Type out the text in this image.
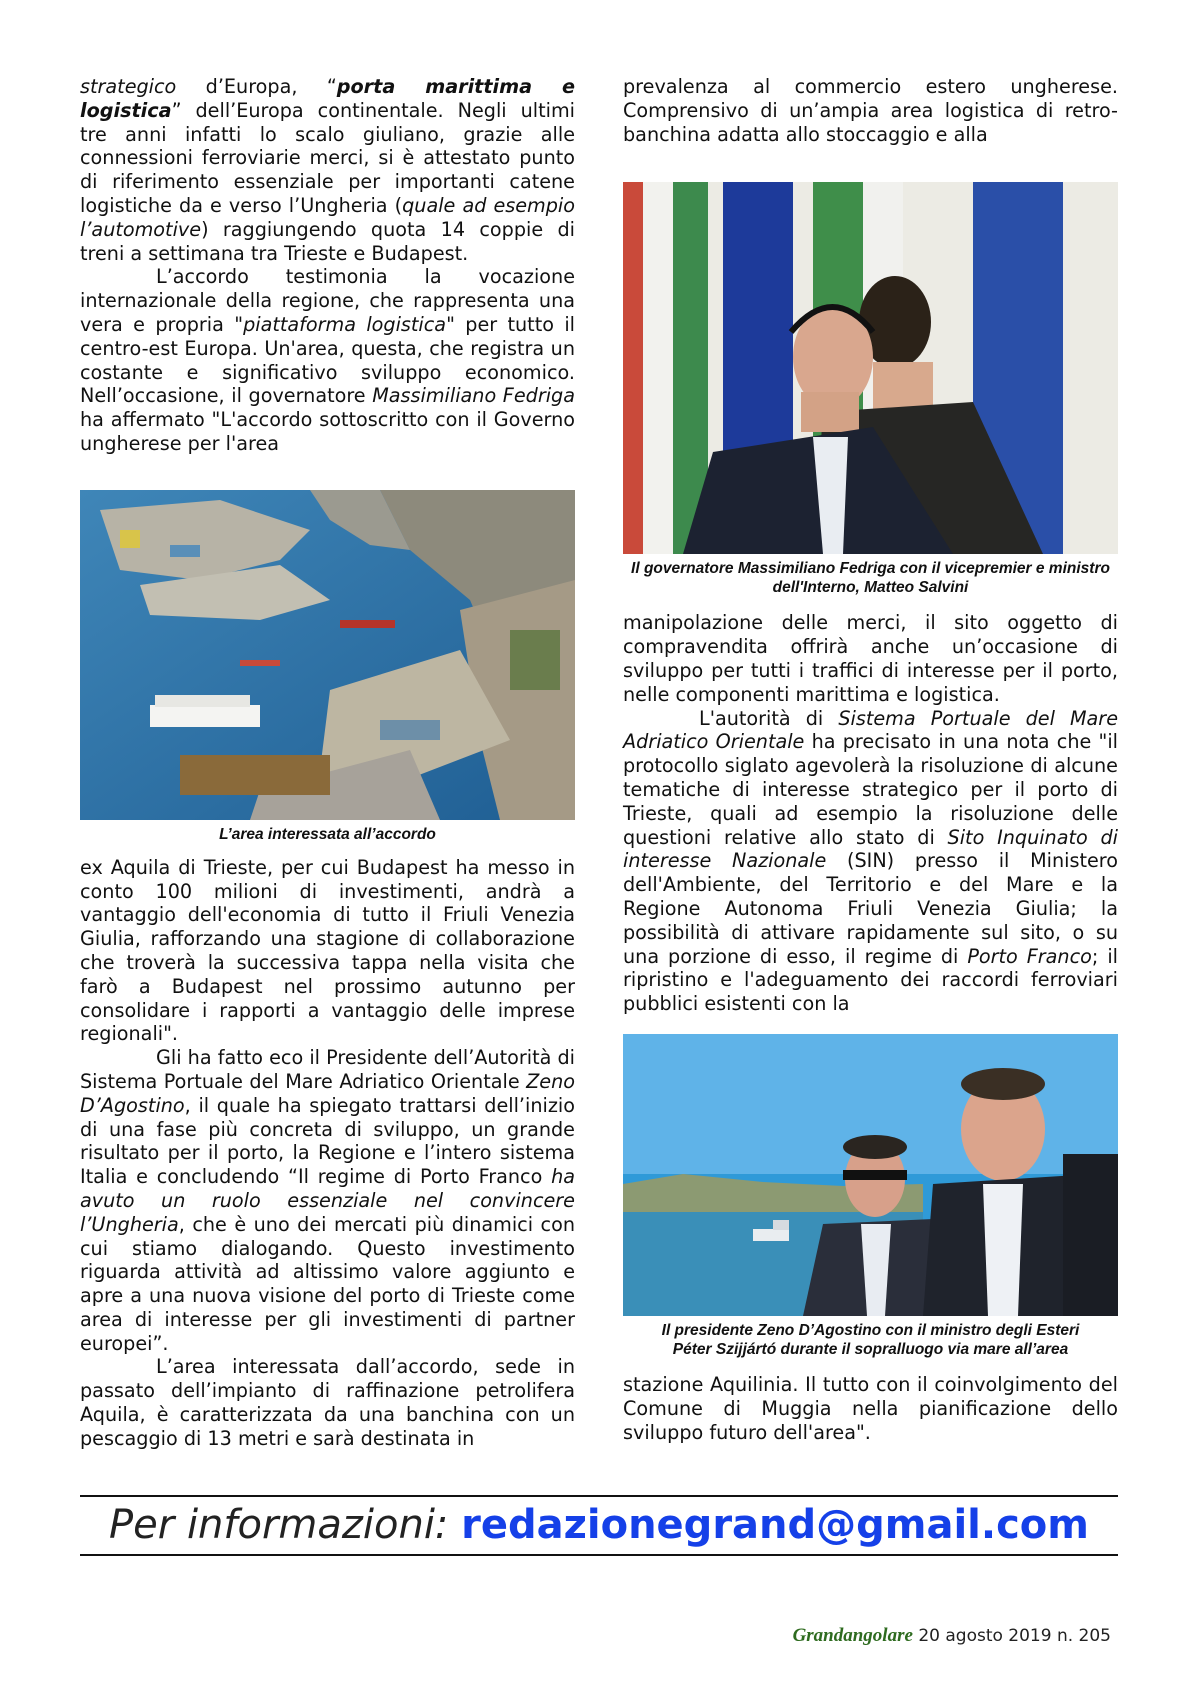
strategico d’Europa, “porta marittima e logistica” dell’Europa continentale. Negli ultimi tre anni infatti lo scalo giuliano, grazie alle connessioni ferroviarie merci, si è attestato punto di riferimento essenziale per importanti catene logistiche da e verso l’Ungheria (quale ad esempio l’automotive) raggiungendo quota 14 coppie di treni a settimana tra Trieste e Budapest.

L’accordo testimonia la vocazione internazionale della regione, che rappresenta una vera e propria "piattaforma logistica" per tutto il centro-est Europa. Un'area, questa, che registra un costante e significativo sviluppo economico. Nell’occasione, il governatore Massimiliano Fedriga ha affermato "L'accordo sottoscritto con il Governo ungherese per l'area

L’area interessata all’accordo

ex Aquila di Trieste, per cui Budapest ha messo in conto 100 milioni di investimenti, andrà a vantaggio dell'economia di tutto il Friuli Venezia Giulia, rafforzando una stagione di collaborazione che troverà la successiva tappa nella visita che farò a Budapest nel prossimo autunno per consolidare i rapporti a vantaggio delle imprese regionali".

Gli ha fatto eco il Presidente dell’Autorità di Sistema Portuale del Mare Adriatico Orientale Zeno D’Agostino, il quale ha spiegato trattarsi dell’inizio di una fase più concreta di sviluppo, un grande risultato per il porto, la Regione e l’intero sistema Italia e concludendo “Il regime di Porto Franco ha avuto un ruolo essenziale nel convincere l’Ungheria, che è uno dei mercati più dinamici con cui stiamo dialogando. Questo investimento riguarda attività ad altissimo valore aggiunto e apre a una nuova visione del porto di Trieste come area di interesse per gli investimenti di partner europei”.

L’area interessata dall’accordo, sede in passato dell’impianto di raffinazione petrolifera Aquila, è caratterizzata da una banchina con un pescaggio di 13 metri e sarà destinata in

prevalenza al commercio estero ungherese. Comprensivo di un’ampia area logistica di retro-banchina adatta allo stoccaggio e alla

Il governatore Massimiliano Fedriga con il vicepremier e ministro dell'Interno, Matteo Salvini

manipolazione delle merci, il sito oggetto di compravendita offrirà anche un’occasione di sviluppo per tutti i traffici di interesse per il porto, nelle componenti marittima e logistica.

L'autorità di Sistema Portuale del Mare Adriatico Orientale ha precisato in una nota che "il protocollo siglato agevolerà la risoluzione di alcune tematiche di interesse strategico per il porto di Trieste, quali ad esempio la risoluzione delle questioni relative allo stato di Sito Inquinato di interesse Nazionale (SIN) presso il Ministero dell'Ambiente, del Territorio e del Mare e la Regione Autonoma Friuli Venezia Giulia; la possibilità di attivare rapidamente sul sito, o su una porzione di esso, il regime di Porto Franco; il ripristino e l'adeguamento dei raccordi ferroviari pubblici esistenti con la

Il presidente Zeno D’Agostino con il ministro degli Esteri
Péter Szijjártó durante il sopralluogo via mare all’area

stazione Aquilinia. Il tutto con il coinvolgimento del Comune di Muggia nella pianificazione dello sviluppo futuro dell'area".

Per informazioni: redazionegrand@gmail.com
Grandangolare 20 agosto 2019 n. 205
